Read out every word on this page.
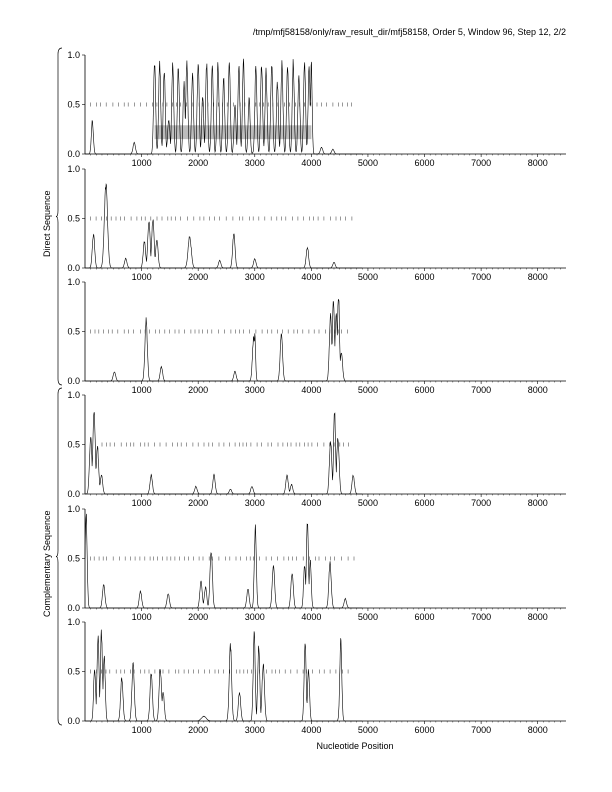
/tmp/mfj58158/only/raw_result_dir/mfj58158, Order 5, Window 96, Step 12, 2/2
0.0
0.5
1.0
1000	2000	3000	4000	5000	6000	7000	8000
0.0
0.5
1.0
1000	2000	3000	4000	5000	6000	7000	8000
0.0
0.5
1.0
1000	2000	3000	4000	5000	6000	7000	8000
0.0
0.5
1.0
1000	2000	3000	4000	5000	6000	7000	8000
0.0
0.5
1.0
1000	2000	3000	4000	5000	6000	7000	8000
0.0
0.5
1.0
1000	2000	3000	4000	5000	6000	7000	8000
Nucleotide Position
Direct Sequence
Complementary Sequence
